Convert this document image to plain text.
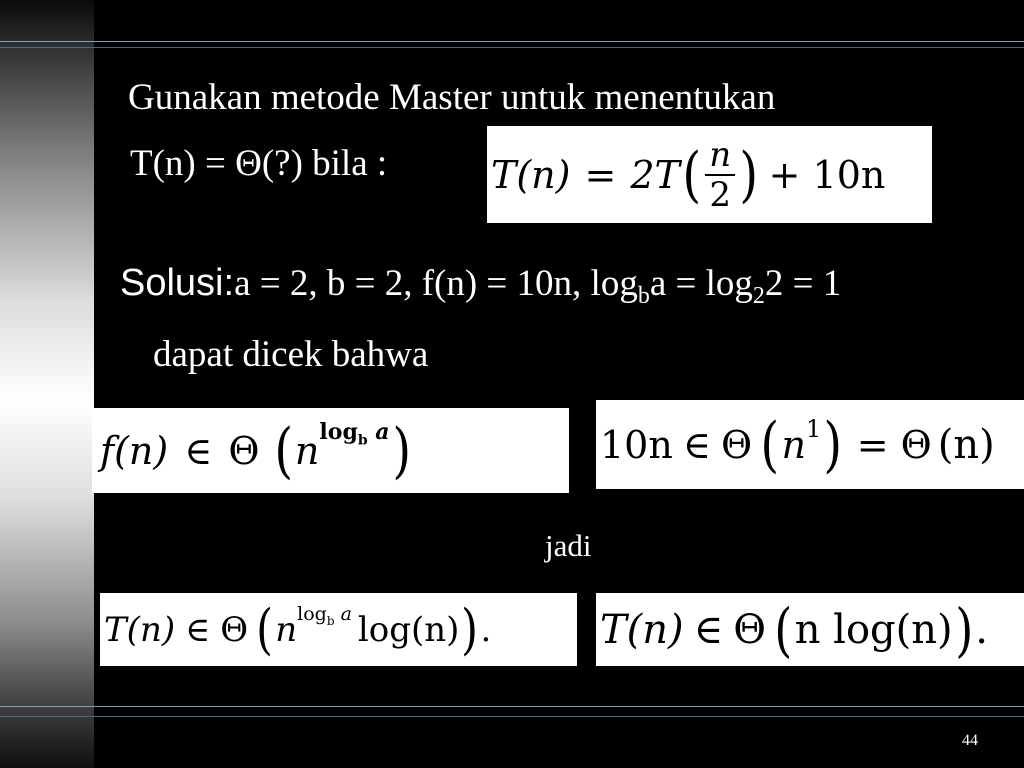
Gunakan metode Master untuk menentukan
T(n) = Θ(?) bila :	T(n) = 2T ( $\frac{n}{2}$ ) + 10n
Solusi:a = 2, b = 2, f(n) = 10n, $\log_ba = \log_22 = 1$
dapat dicek bahwa
f(n) ∈ Θ ( n $^{log_b a}$ )	10n ∈ Θ ( $n^1$ ) = Θ (n)
jadi
T(n) ∈ Θ ( n $^{log_b a}$ log(n) ) .	T(n) ∈ Θ ( n log(n) ) .
44
